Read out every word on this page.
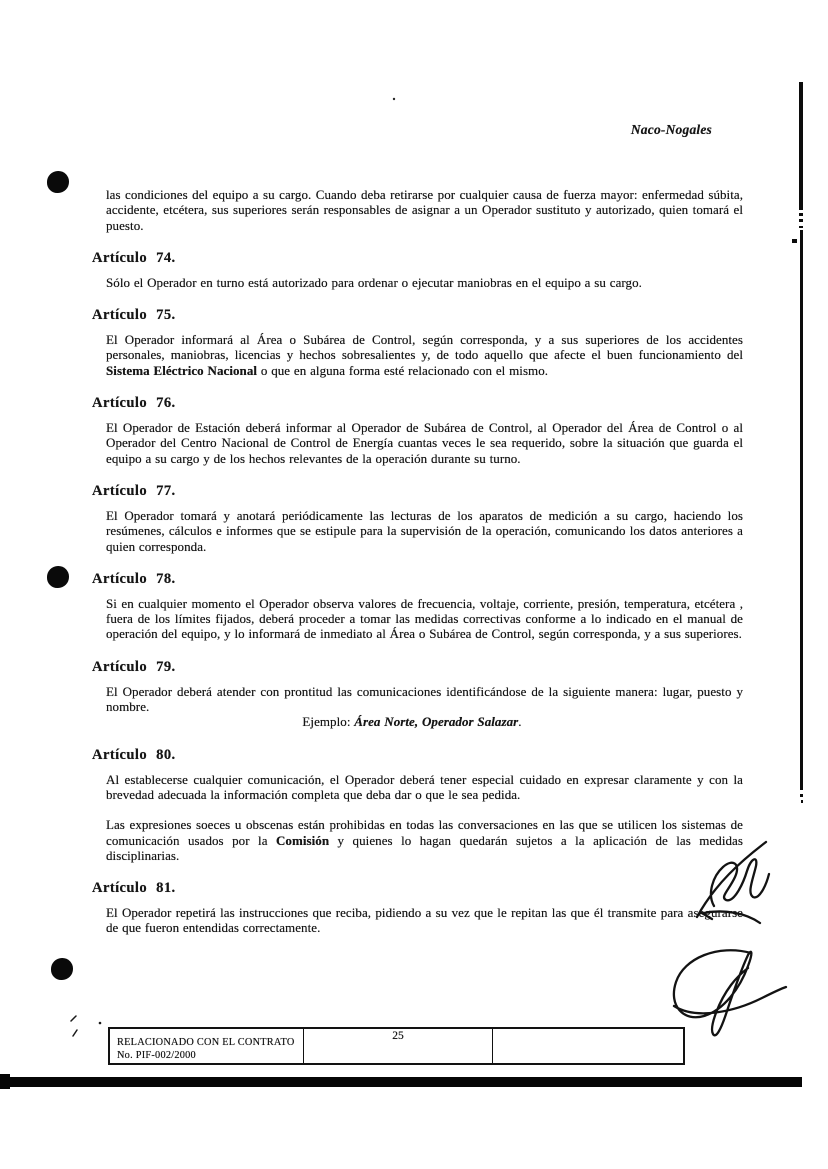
Naco-Nogales

las condiciones del equipo a su cargo. Cuando deba retirarse por cualquier causa de fuerza mayor: enfermedad súbita, accidente, etcétera, sus superiores serán responsables de asignar a un Operador sustituto y autorizado, quien tomará el puesto.

Artículo 74.

Sólo el Operador en turno está autorizado para ordenar o ejecutar maniobras en el equipo a su cargo.

Artículo 75.

El Operador informará al Área o Subárea de Control, según corresponda, y a sus superiores de los accidentes personales, maniobras, licencias y hechos sobresalientes y, de todo aquello que afecte el buen funcionamiento del Sistema Eléctrico Nacional o que en alguna forma esté relacionado con el mismo.

Artículo 76.

El Operador de Estación deberá informar al Operador de Subárea de Control, al Operador del Área de Control o al Operador del Centro Nacional de Control de Energía cuantas veces le sea requerido, sobre la situación que guarda el equipo a su cargo y de los hechos relevantes de la operación durante su turno.

Artículo 77.

El Operador tomará y anotará periódicamente las lecturas de los aparatos de medición a su cargo, haciendo los resúmenes, cálculos e informes que se estipule para la supervisión de la operación, comunicando los datos anteriores a quien corresponda.

Artículo 78.

Si en cualquier momento el Operador observa valores de frecuencia, voltaje, corriente, presión, temperatura, etcétera , fuera de los límites fijados, deberá proceder a tomar las medidas correctivas conforme a lo indicado en el manual de operación del equipo, y lo informará de inmediato al Área o Subárea de Control, según corresponda, y a sus superiores.

Artículo 79.

El Operador deberá atender con prontitud las comunicaciones identificándose de la siguiente manera: lugar, puesto y nombre.

Ejemplo: Área Norte, Operador Salazar.

Artículo 80.

Al establecerse cualquier comunicación, el Operador deberá tener especial cuidado en expresar claramente y con la brevedad adecuada la información completa que deba dar o que le sea pedida.

Las expresiones soeces u obscenas están prohibidas en todas las conversaciones en las que se utilicen los sistemas de comunicación usados por la Comisión y quienes lo hagan quedarán sujetos a la aplicación de las medidas disciplinarias.

Artículo 81.

El Operador repetirá las instrucciones que reciba, pidiendo a su vez que le repitan las que él transmite para asegurarse de que fueron entendidas correctamente.

RELACIONADO CON EL CONTRATO
No. PIF-002/2000
25
